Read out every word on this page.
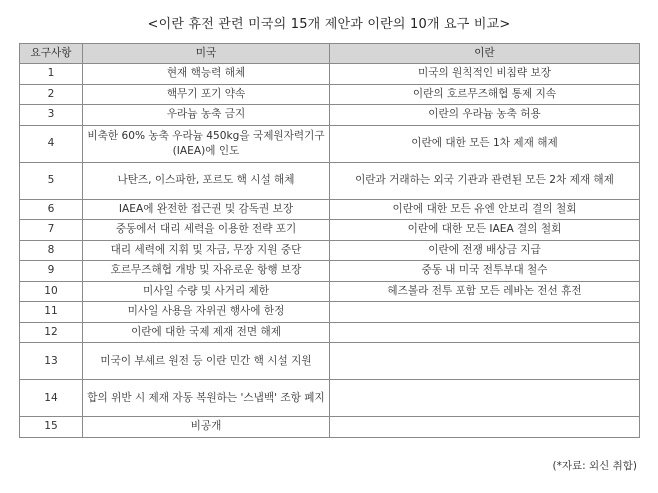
<이란 휴전 관련 미국의 15개 제안과 이란의 10개 요구 비교>
요구사항	미국	이란
1	현재 핵능력 해체	미국의 원칙적인 비침략 보장
2	핵무기 포기 약속	이란의 호르무즈해협 통제 지속
3	우라늄 농축 금지	이란의 우라늄 농축 허용
4	비축한 60% 농축 우라늄 450kg을 국제원자력기구(IAEA)에 인도	이란에 대한 모든 1차 제재 해제
5	나탄즈, 이스파한, 포르도 핵 시설 해체	이란과 거래하는 외국 기관과 관련된 모든 2차 제재 해제
6	IAEA에 완전한 접근권 및 감독권 보장	이란에 대한 모든 유엔 안보리 결의 철회
7	중동에서 대리 세력을 이용한 전략 포기	이란에 대한 모든 IAEA 결의 철회
8	대리 세력에 지휘 및 자금, 무장 지원 중단	이란에 전쟁 배상금 지급
9	호르무즈해협 개방 및 자유로운 항행 보장	중동 내 미국 전투부대 철수
10	미사일 수량 및 사거리 제한	헤즈볼라 전투 포함 모든 레바논 전선 휴전
11	미사일 사용을 자위권 행사에 한정	
12	이란에 대한 국제 제재 전면 해제	
13	미국이 부셰르 원전 등 이란 민간 핵 시설 지원	
14	합의 위반 시 제재 자동 복원하는 '스냅백' 조항 폐지	
15	비공개	
(*자료: 외신 취합)
